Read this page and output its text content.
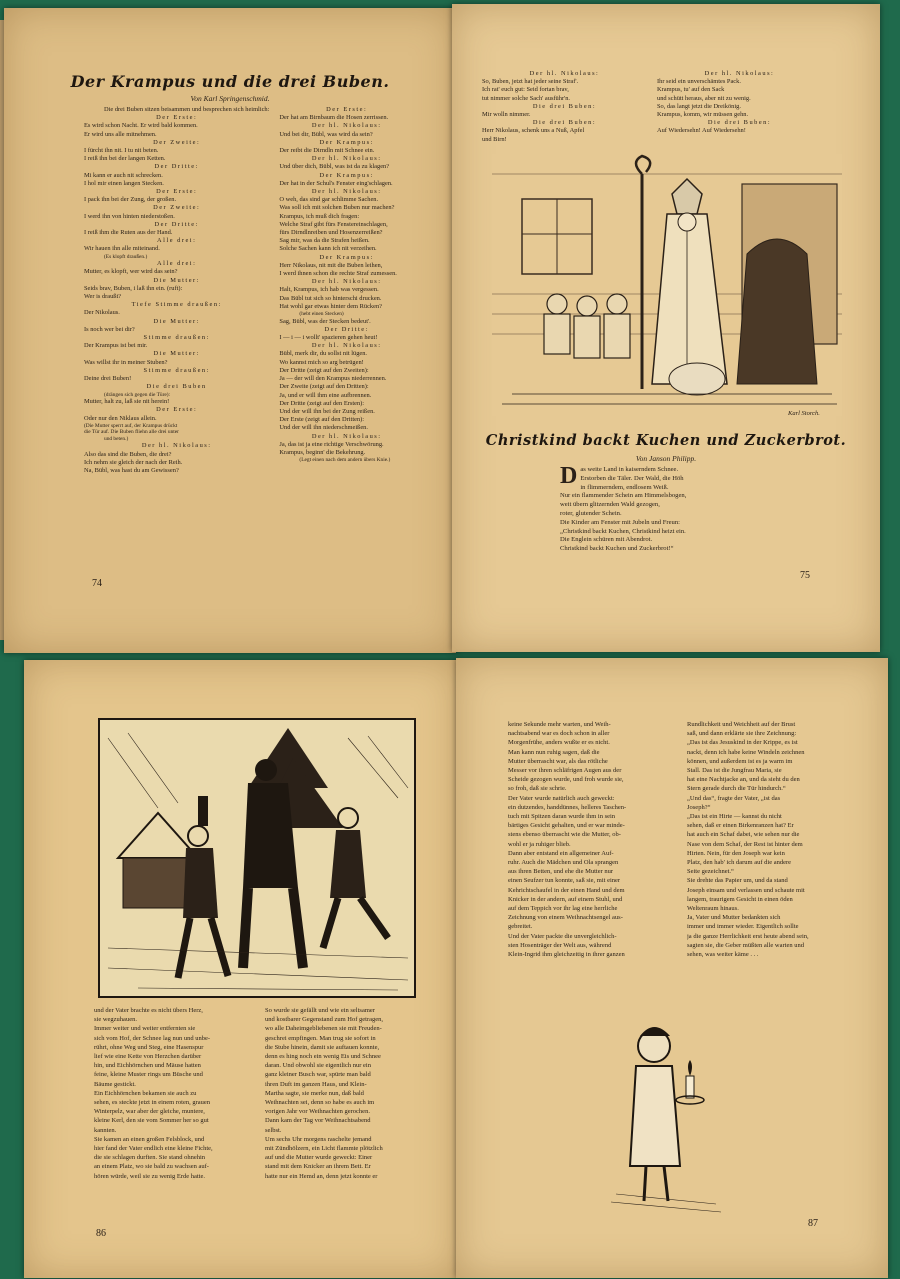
Der Krampus und die drei Buben.
Von Karl Springenschmid.
Die drei Buben sitzen beisammen und besprechen sich heimlich:
Der Erste:
Es wird schon Nacht. Er wird bald kommen.
Er wird uns alle mitnehmen.
Der Zweite:
I fürcht ihn nit. I tu nit beten.
I reiß ihn bei der langen Ketten.
Der Dritte:
Mi kann er auch nit schrecken.
I hol mir einen langen Stecken.
Der Erste:
I pack ihn bei der Zung, der großen.
Der Zweite:
I werd ihn von hinten niederstoßen.
Der Dritte:
I reiß ihm die Ruten aus der Hand.
Alle drei:
Wir hauen ihn alle miteinand.
(Es klopft draußen.)
Alle drei:
Mutter, es klopft, wer wird das sein?
Die Mutter:
Seids brav, Buben, i laß ihn ein. (ruft):
Wer is draußt?
Tiefe Stimme draußen:
Der Nikolaus.
Die Mutter:
Is noch wer bei dir?
Stimme draußen:
Der Krampus ist bei mir.
Die Mutter:
Was willst ihr in meiner Stuben?
Stimme draußen:
Deine drei Buben!
Die drei Buben
(drängen sich gegen die Türe):
Mutter, halt zu, laß sie nit herein!
Der Erste:
Oder nur den Niklaus allein.
(Die Mutter sperrt auf, der Krampus drückt
die Tür auf. Die Buben fliehn alle drei unter
und beten.)
Der hl. Nikolaus:
Also das sind die Buben, die drei?
Ich nehm sie gleich der nach der Reih.
Na, Bübl, was hast du am Gewissen?
Der Erste:
Der hat am Birnbaum die Hosen zerrissen.
Der hl. Nikolaus:
Und bei dir, Bübl, was wird da sein?
Der Krampus:
Der reibt die Dirndln mit Schnee ein.
Der hl. Nikolaus:
Und über dich, Bübl, was ist da zu klagen?
Der Krampus:
Der hat in der Schul's Fenster eing'schlagen.
Der hl. Nikolaus:
O weh, das sind gar schlimme Sachen.
Was soll ich mit solchen Buben nur machen?
Krampus, ich muß dich fragen:
Welche Straf gibt fürs Fenstereinschlagen,
fürs Dirndlnreiben und Hosenzerreißen?
Sag mir, was da die Strafen heißen.
Solche Sachen kann ich nit verzeihen.
Der Krampus:
Herr Nikolaus, nit mit die Buben leihen,
I werd ihnen schon die rechte Straf zumessen.
Der hl. Nikolaus:
Halt, Krampus, ich hab was vergessen.
Das Bübl tut sich so hinterschi drucken.
Hat wohl gar etwas hinter dem Rücken?
(hebt einen Stecken)
Sag, Bübl, was der Stecken bedeut'.
Der Dritte:
I — i — i wollt' spazieren gehen heut!
Der hl. Nikolaus:
Bübl, merk dir, du sollst nit lügen.
Wo kannst mich so arg betrügen!
Der Dritte (zeigt auf den Zweiten):
Ja — der will den Krampus niederrennen.
Der Zweite (zeigt auf den Dritten):
Ja, und er will ihm eine aufbrennen.
Der Dritte (zeigt auf den Ersten):
Und der will ihn bei der Zung reißen.
Der Erste (zeigt auf den Dritten):
Und der will ihn niederschmeißen.
Der hl. Nikolaus:
Ja, das ist ja eine richtige Verschwörung.
Krampus, beginn' die Bekehrung.
(Legt einen nach dem andern übers Knie.)
74
Der hl. Nikolaus:
So, Buben, jetzt hat jeder seine Straf'.
Ich rat' euch gut: Seid fortan brav,
tut nimmer solche Sach' ausführ'n.
Die drei Buben:
Mir wolln nimmer.
Die drei Buben:
Herr Nikolaus, schenk uns a Nuß, Apfel
und Birn!
Der hl. Nikolaus:
Ihr seid ein unverschämtes Pack.
Krampus, tu' auf den Sack
und schütt heraus, aber nit zu wenig.
So, das langt jetzt die Dreikönig.
Krampus, komm, wir müssen gehn.
Die drei Buben:
Auf Wiedersehn! Auf Wiedersehn!
Karl Storch.
Christkind backt Kuchen und Zuckerbrot.
Von Janson Philipp.
D as weite Land in kaiserndem Schnee.
Erstorben die Täler. Der Wald, die Höh
in flimmerndem, endlosem Weiß.
Nur ein flammender Schein am Himmelsbogen,
weit übern glitzernden Wald gezogen,
roter, glutender Schein.
Die Kinder am Fenster mit Jubeln und Freun:
„Christkind backt Kuchen, Christkind heizt ein.
Die Englein schüren mit Abendrot.
Christkind backt Kuchen und Zuckerbrot!“
75
und der Vater brachte es nicht übers Herz,
sie wegzuhauen.
Immer weiter und weiter entfernten sie
sich vom Hof, der Schnee lag nun und unbe-
rührt, ohne Weg und Steg, eine Hasenspur
lief wie eine Kette von Herzchen darüber
hin, und Eichhörnchen und Mäuse hatten
feine, kleine Muster rings um Büsche und
Bäume gestickt.
Ein Eichhörnchen bekamen sie auch zu
sehen, es steckte jetzt in einem roten, grauen
Winterpelz, war aber der gleiche, muntere,
kleine Kerl, den sie vom Sommer her so gut
kannten.
Sie kamen an einen großen Felsblock, und
hier fand der Vater endlich eine kleine Fichte,
die sie schlagen durften. Sie stand ohnehin
an einem Platz, wo sie bald zu wachsen auf-
hören würde, weil sie zu wenig Erde hatte.
So wurde sie gefällt und wie ein seltsamer
und kostbarer Gegenstand zum Hof getragen,
wo alle Daheimgebliebenen sie mit Freuden-
geschrei empfingen. Man trug sie sofort in
die Stube hinein, damit sie auftauen konnte,
denn es hing noch ein wenig Eis und Schnee
daran. Und obwohl sie eigentlich nur ein
ganz kleiner Busch war, spürte man bald
ihren Duft im ganzen Haus, und Klein-
Martha sagte, sie merke nun, daß bald
Weihnachten sei, denn so habe es auch im
vorigen Jahr vor Weihnachten gerochen.
Dann kam der Tag vor Weihnachtsabend
selbst.
Um sechs Uhr morgens raschelte jemand
mit Zündhölzern, ein Licht flammte plötzlich
auf und die Mutter wurde geweckt: Einer
stand mit dem Knicker an ihrem Bett. Er
hatte nur ein Hemd an, denn jetzt konnte er
86
keine Sekunde mehr warten, und Weih-
nachtsabend war es doch schon in aller
Morgenfrühe, anders wußte er es nicht.
Man kann nun ruhig sagen, daß die
Mutter überrascht war, als das rötliche
Messer vor ihren schläfrigen Augen aus der
Scheide gezogen wurde, und froh wurde sie,
so froh, daß sie schrie.
Der Vater wurde natürlich auch geweckt:
ein dutzendes, handdünnes, helleres Taschen-
tuch mit Spitzen daran wurde ihm in sein
bärtiges Gesicht gehalten, und er war minde-
stens ebenso überrascht wie die Mutter, ob-
wohl er ja ruhiger blieb.
Dann aber entstand ein allgemeiner Auf-
ruhr. Auch die Mädchen und Ola sprangen
aus ihren Betten, und ehe die Mutter nur
einen Seufzer tun konnte, saß sie, mit einer
Kehrichtschaufel in der einen Hand und dem
Knicker in der andern, auf einem Stuhl, und
auf dem Teppich vor ihr lag eine herrliche
Zeichnung von einem Weihnachtsengel aus-
gebreitet.
Und der Vater packte die unvergleichlich-
sten Hosenträger der Welt aus, während
Klein-Ingrid ihm gleichzeitig in ihrer ganzen
Rundlichkeit und Weichheit auf der Brust
saß, und dann erklärte sie ihre Zeichnung:
„Das ist das Jesuskind in der Krippe, es ist
nackt, denn ich habe keine Windeln zeichnen
können, und außerdem ist es ja warm im
Stall. Das ist die Jungfrau Maria, sie
hat eine Nachtjacke an, und da sieht du den
Stern gerade durch die Tür hindurch.“
„Und das“, fragte der Vater, „ist das
Joseph?“
„Das ist ein Hirte — kannst du nicht
sehen, daß er einen Birkenranzen hat? Er
hat auch ein Schaf dabei, wie sehen nur die
Nase von dem Schaf, der Rest ist hinter dem
Hirten. Nein, für den Joseph war kein
Platz, den hab' ich darum auf die andere
Seite gezeichnet.“
Sie drehte das Papier um, und da stand
Joseph einsam und verlassen und schaute mit
langem, traurigem Gesicht in einen öden
Weltenraum hinaus.
Ja, Vater und Mutter bedankten sich
immer und immer wieder. Eigentlich sollte
ja die ganze Herrlichkeit erst heute abend sein,
sagten sie, die Geber müßten alle warten und
sehen, was weiter käme . . .
87
